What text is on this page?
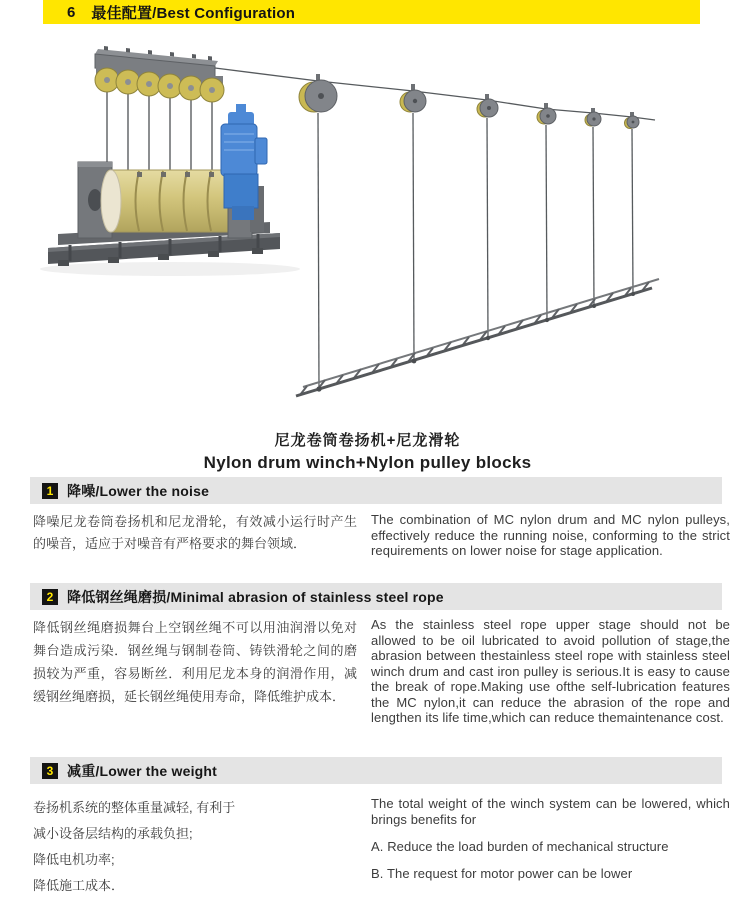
6 最佳配置/Best Configuration
尼龙卷筒卷扬机+尼龙滑轮
Nylon drum winch+Nylon pulley blocks
1 降噪/Lower the noise
降噪尼龙卷筒卷扬机和尼龙滑轮，有效减小运行时产生的噪音，适应于对噪音有严格要求的舞台领域．
The combination of MC nylon drum and MC nylon pulleys, effectively reduce the running noise, conforming to the strict requirements on lower noise for stage application.
2 降低钢丝绳磨损/Minimal abrasion of stainless steel rope
降低钢丝绳磨损舞台上空钢丝绳不可以用油润滑以免对舞台造成污染．钢丝绳与钢制卷筒、铸铁滑轮之间的磨损较为严重，容易断丝．利用尼龙本身的润滑作用，减缓钢丝绳磨损，延长钢丝绳使用寿命，降低维护成本．
As the stainless steel rope upper stage should not be allowed to be oil lubricated to avoid pollution of stage,the abrasion between thestainless steel rope with stainless steel winch drum and cast iron pulley is serious.It is easy to cause the break of rope.Making use ofthe self-lubrication features the MC nylon,it can reduce the abrasion of the rope and lengthen its life time,which can reduce themaintenance cost.
3 减重/Lower the weight
卷扬机系统的整体重量减轻, 有利于
减小设备层结构的承载负担;
降低电机功率;
降低施工成本．

The total weight of the winch system can be lowered, which brings benefits for

A. Reduce the load burden of mechanical structure

B. The request for motor power can be lower
